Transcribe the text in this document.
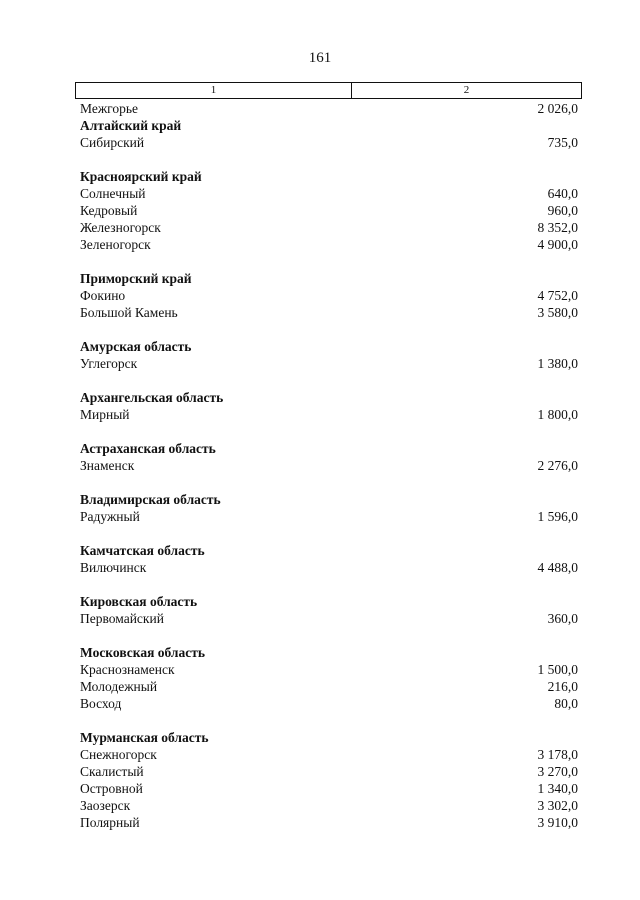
161
1	2
Межгорье	2 026,0
Алтайский край
Сибирский	735,0
Красноярский край
Солнечный	640,0
Кедровый	960,0
Железногорск	8 352,0
Зеленогорск	4 900,0
Приморский край
Фокино	4 752,0
Большой Камень	3 580,0
Амурская область
Углегорск	1 380,0
Архангельская область
Мирный	1 800,0
Астраханская область
Знаменск	2 276,0
Владимирская область
Радужный	1 596,0
Камчатская область
Вилючинск	4 488,0
Кировская область
Первомайский	360,0
Московская область
Краснознаменск	1 500,0
Молодежный	216,0
Восход	80,0
Мурманская область
Снежногорск	3 178,0
Скалистый	3 270,0
Островной	1 340,0
Заозерск	3 302,0
Полярный	3 910,0
